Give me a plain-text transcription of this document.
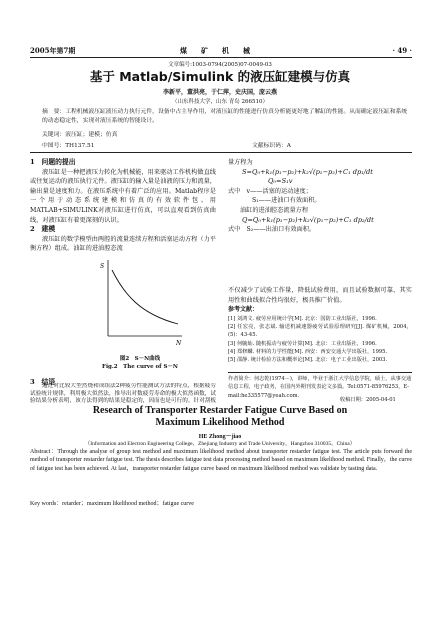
2005年第7期	煤　　矿　　机　　械	· 49 ·
文章编号:1003-0794(2005)07-0049-03
基于 Matlab/Simulink 的液压缸建模与仿真
李新平，董洪亮，于仁萍，史庆国，庞云燕
（山东科技大学，山东 青岛 266510）
摘　要：工程机械液压缸液压动力执行元件，设备中占主导作用，对液压缸的性能进行仿真分析能更好地了解缸的性能。从而确定液压缸和系统的动态稳定性，实现对液压系统的智能设计。
关键词：液压缸；建模；仿真
中图号：TH137.51	文献标识码：A
1　问题的提出
液压缸是一种把液压力转化为机械能，用来驱动工作机构做直线或往复运动的液压执行元件。液压缸的输入量是油液的压力和流量，输出量是速度和力。在液压系统中有着广泛的应用。Matlab程序是一个用于动态系统建模和仿真的有效软件包。用MATLAB+SIMULINK对液压缸进行仿真，可以直观看到仿真曲线，对液压缸有着更深刻的认识。
2　建模
液压缸的数学模型由两腔的流量连续方程和活塞运动方程（力平衡方程）组成。油缸的进油腔态流
S
N
图2　S－N曲线
Fig.2　The curve of S－N
3　结语
量方程为
S=Q₀+k₁(p₁−p₂)+k₂√(p₁−p₂)+C₁ dp₁/dt
Q₀=S₁v
式中　v——活塞的运动速度；
S₁——进油口有效面积。
油缸的进油腔态流量方程
Q=Q₀+k₁(p₁−p₂)+k₂√(p₁−p₂)+C₁ dp₂/dt
式中　S₂——出油口有效面积。
不仅减少了试验工作量，降低试验费用，而且试验数据可靠，其实用性和曲线拟合性均很好，极具推广价值。
参考文献：
[1] 刘鸿文. 疲劳应用统计学[M]. 北京：国防工业出版社，1996.
[2] 任宏亮，张志斌. 输送机减速器疲劳试验原理研究[J]. 煤矿机械，2004，(5)：43-45.
[3] 何毓灿. 随机振动与疲劳计算[M]. 北京：工业出版社，1996.
[4] 郑修麟. 材料的力学性能[M]. 西安：西安交通大学出版社，1995.
[5] 邵静. 统计检验方法和概率论[M]. 北京：电子工业出版社，2003.
作者简介：何志乾(1974－)，讲师，毕业于浙江大学信息学院，硕士，从事交通信息工程，电子政务，在国内外期刊发表论文多篇。Tel:0571-85976253，E-mail:he335577@yeah.com.
收稿日期：2005-04-01
通过对比较大型然烧和成组法2种疲劳性能测试方法的特点，根据疲劳试验统计规律，利用极大似然法，推导出对数疲劳寿命的极大似然函数，试验结果分析表明，该方法得到的结果是稳定的，因而也是可行的。针对刮板
Research of Transporter Restarder Fatigue Curve Based on
Maximum Likelihood Method
HE Zhong－jiao
（Information and Electron Engineering College，Zhejiang Industry and Trade University，Hangzhou 310035，China）
Abstract：Through the analyse of group test method and maximum likelihood method about transporter restarder fatigue test. The article puts forward the method of transporter restarder fatigue test. The thesis describes fatigue test data processing method based on maximum likelihood method. Finally，the curve of fatigue test has been achieved. At last，transporter restarder fatigue curve based on maximum likelihood method was validate by tasting data.
Key words：retarder；maximum likelihood method；fatigue curve
